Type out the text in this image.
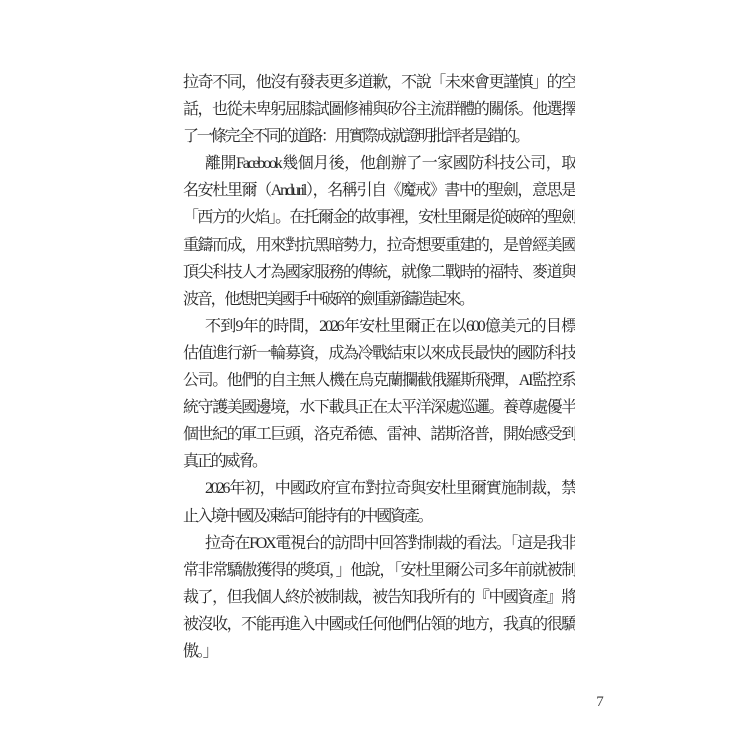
拉奇不同，他沒有發表更多道歉，不說「未來會更謹慎」的空
話，也從未卑躬屈膝試圖修補與矽谷主流群體的關係。他選擇
了一條完全不同的道路：用實際成就證明批評者是錯的。
離開Facebook幾個月後，他創辦了一家國防科技公司，取
名安杜里爾（Anduril），名稱引自《魔戒》書中的聖劍，意思是
「西方的火焰」。在托爾金的故事裡，安杜里爾是從破碎的聖劍
重鑄而成，用來對抗黑暗勢力，拉奇想要重建的，是曾經美國
頂尖科技人才為國家服務的傳統，就像二戰時的福特、麥道與
波音，他想把美國手中破碎的劍重新鑄造起來。
不到9年的時間，2026年安杜里爾正在以600億美元的目標
估值進行新一輪募資，成為冷戰結束以來成長最快的國防科技
公司。他們的自主無人機在烏克蘭攔截俄羅斯飛彈，AI監控系
統守護美國邊境，水下載具正在太平洋深處巡邏。養尊處優半
個世紀的軍工巨頭，洛克希德、雷神、諾斯洛普，開始感受到
真正的威脅。
2026年初，中國政府宣布對拉奇與安杜里爾實施制裁，禁
止入境中國及凍結可能持有的中國資產。
拉奇在FOX電視台的訪問中回答對制裁的看法。「這是我非
常非常驕傲獲得的獎項，」他說，「安杜里爾公司多年前就被制
裁了，但我個人終於被制裁，被告知我所有的『中國資產』將
被沒收，不能再進入中國或任何他們佔領的地方，我真的很驕
傲。」
7
